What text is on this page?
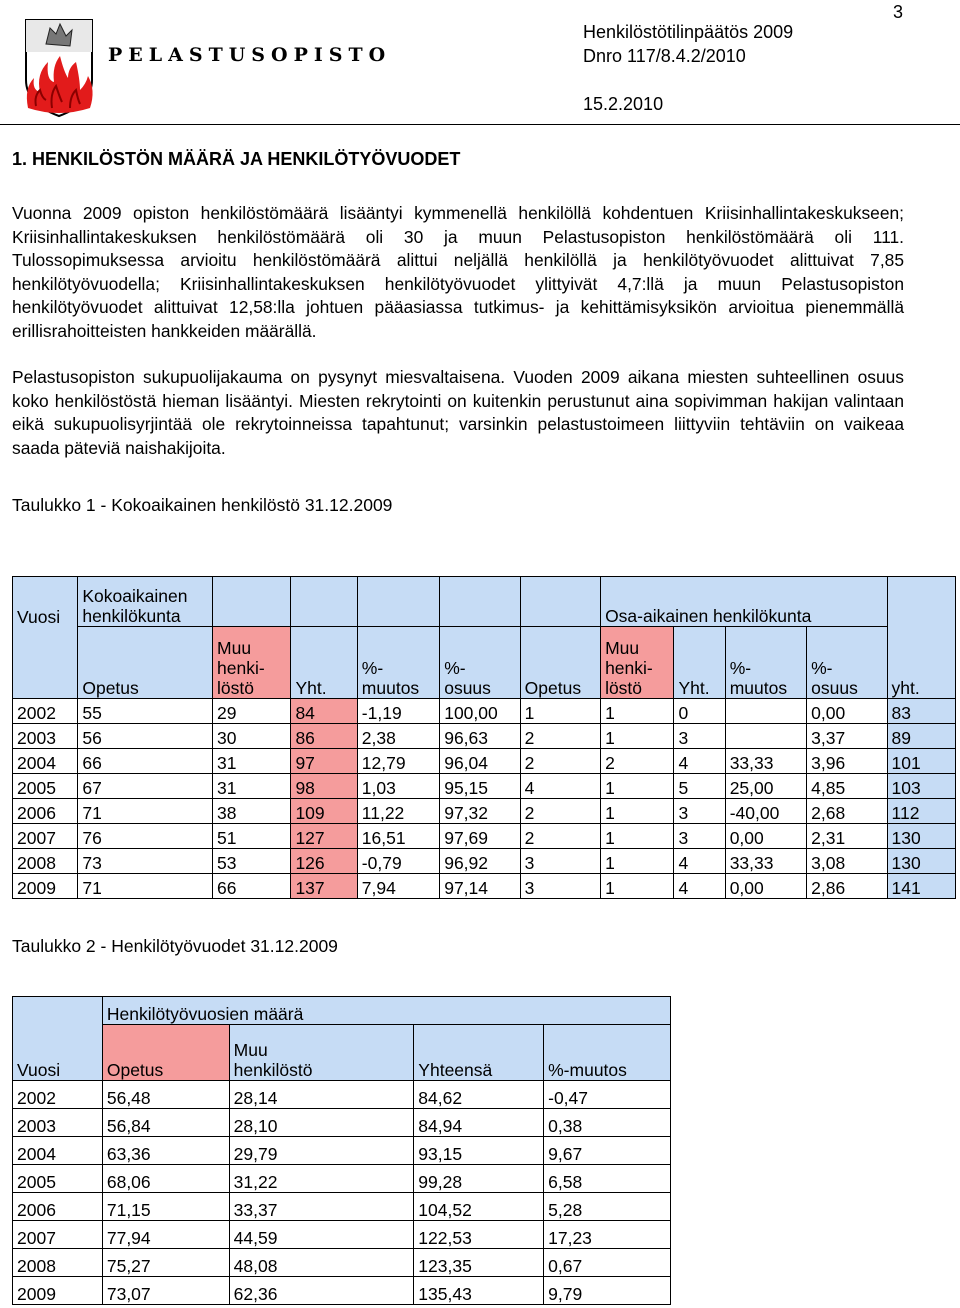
PELASTUSOPISTO
Henkilöstötilinpäätös 2009
Dnro 117/8.4.2/2010
15.2.2010
3
1. HENKILÖSTÖN MÄÄRÄ JA HENKILÖTYÖVUODET
Vuonna 2009 opiston henkilöstömäärä lisääntyi kymmenellä henkilöllä kohdentuen Kriisinhallintakeskukseen; Kriisinhallintakeskuksen henkilöstömäärä oli 30 ja muun Pelastusopiston henkilöstömäärä oli 111. Tulossopimuksessa arvioitu henkilöstömäärä alittui neljällä henkilöllä ja henkilötyövuodet alittuivat 7,85 henkilötyövuodella; Kriisinhallintakeskuksen henkilötyövuodet ylittyivät 4,7:llä ja muun Pelastusopiston henkilötyövuodet alittuivat 12,58:lla johtuen pääasiassa tutkimus- ja kehittämisyksikön arvioitua pienemmällä erillisrahoitteisten hankkeiden määrällä.
Pelastusopiston sukupuolijakauma on pysynyt miesvaltaisena. Vuoden 2009 aikana miesten suhteellinen osuus koko henkilöstöstä hieman lisääntyi. Miesten rekrytointi on kuitenkin perustunut aina sopivimman hakijan valintaan eikä sukupuolisyrjintää ole rekrytoinneissa tapahtunut; varsinkin pelastustoimeen liittyviin tehtäviin on vaikeaa saada päteviä naishakijoita.
Taulukko 1 - Kokoaikainen henkilöstö 31.12.2009
Vuosi	Kokoaikainen
henkilökunta						Osa-aikainen henkilökunta				
	Opetus	Muu
henki-
löstö	Yht.	%-
muutos	%-
osuus	Opetus	Muu
henki-
löstö	Yht.	%-
muutos	%-
osuus	yht.
2002	55	29	84	-1,19	100,00	1	1	0		0,00	83
2003	56	30	86	2,38	96,63	2	1	3		3,37	89
2004	66	31	97	12,79	96,04	2	2	4	33,33	3,96	101
2005	67	31	98	1,03	95,15	4	1	5	25,00	4,85	103
2006	71	38	109	11,22	97,32	2	1	3	-40,00	2,68	112
2007	76	51	127	16,51	97,69	2	1	3	0,00	2,31	130
2008	73	53	126	-0,79	96,92	3	1	4	33,33	3,08	130
2009	71	66	137	7,94	97,14	3	1	4	0,00	2,86	141
Taulukko 2 - Henkilötyövuodet 31.12.2009
	Henkilötyövuosien määrä			
Vuosi	Opetus	Muu
henkilöstö	Yhteensä	%-muutos
2002	56,48	28,14	84,62	-0,47
2003	56,84	28,10	84,94	0,38
2004	63,36	29,79	93,15	9,67
2005	68,06	31,22	99,28	6,58
2006	71,15	33,37	104,52	5,28
2007	77,94	44,59	122,53	17,23
2008	75,27	48,08	123,35	0,67
2009	73,07	62,36	135,43	9,79
